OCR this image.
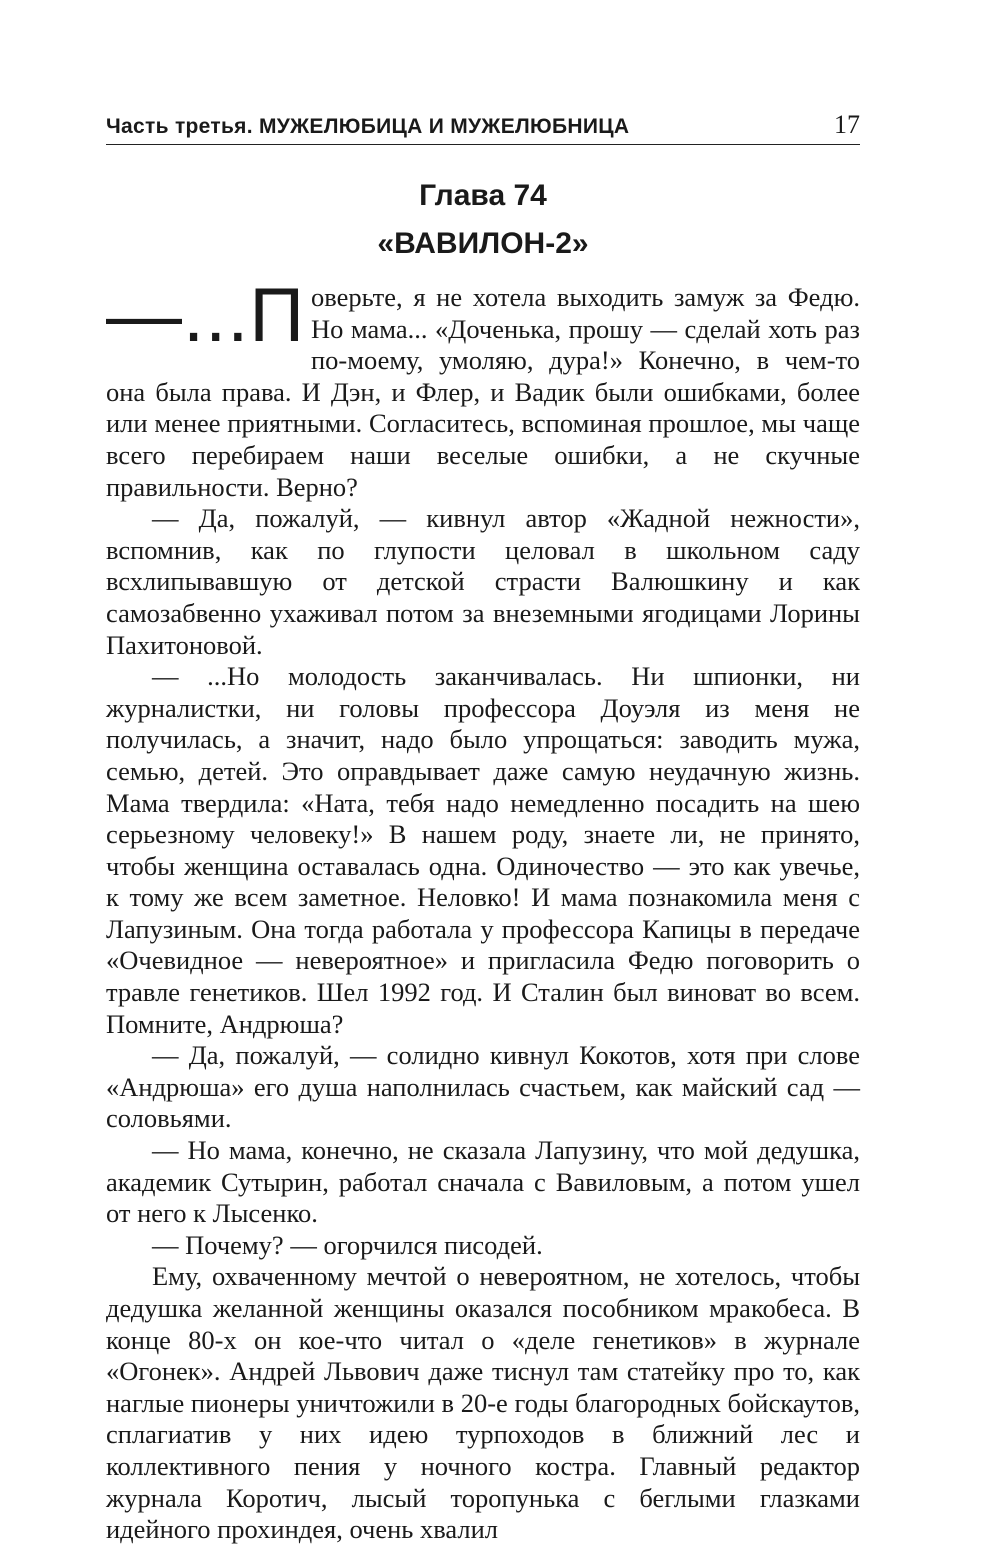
Часть третья. МУЖЕЛЮБИЦА И МУЖЕЛЮБНИЦА	17
Глава 74
«ВАВИЛОН-2»

—...П оверьте, я не хотела выходить замуж за Федю. Но мама... «Доченька, прошу — сделай хоть раз по-моему, умоляю, дура!» Конечно, в чем-то она была права. И Дэн, и Флер, и Вадик были ошибками, более или менее приятными. Согласитесь, вспоминая прошлое, мы чаще всего перебираем наши веселые ошибки, а не скучные правильности. Верно?

— Да, пожалуй, — кивнул автор «Жадной нежности», вспомнив, как по глупости целовал в школьном саду всхлипывавшую от детской страсти Валюшкину и как самозабвенно ухаживал потом за внеземными ягодицами Лорины Пахитоновой.

— ...Но молодость заканчивалась. Ни шпионки, ни журналистки, ни головы профессора Доуэля из меня не получилась, а значит, надо было упрощаться: заводить мужа, семью, детей. Это оправдывает даже самую неудачную жизнь. Мама твердила: «Ната, тебя надо немедленно посадить на шею серьезному человеку!» В нашем роду, знаете ли, не принято, чтобы женщина оставалась одна. Одиночество — это как увечье, к тому же всем заметное. Неловко! И мама познакомила меня с Лапузиным. Она тогда работала у профессора Капицы в передаче «Очевидное — невероятное» и пригласила Федю поговорить о травле генетиков. Шел 1992 год. И Сталин был виноват во всем. Помните, Андрюша?

— Да, пожалуй, — солидно кивнул Кокотов, хотя при слове «Андрюша» его душа наполнилась счастьем, как майский сад — соловьями.

— Но мама, конечно, не сказала Лапузину, что мой дедушка, академик Сутырин, работал сначала с Вавиловым, а потом ушел от него к Лысенко.

— Почему? — огорчился писодей.

Ему, охваченному мечтой о невероятном, не хотелось, чтобы дедушка желанной женщины оказался пособником мракобеса. В конце 80-х он кое-что читал о «деле генетиков» в журнале «Огонек». Андрей Львович даже тиснул там статейку про то, как наглые пионеры уничтожили в 20-е годы благородных бойскаутов, сплагиатив у них идею турпоходов в ближний лес и коллективного пения у ночного костра. Главный редактор журнала Коротич, лысый торопунька с беглыми глазками идейного прохиндея, очень хвалил
